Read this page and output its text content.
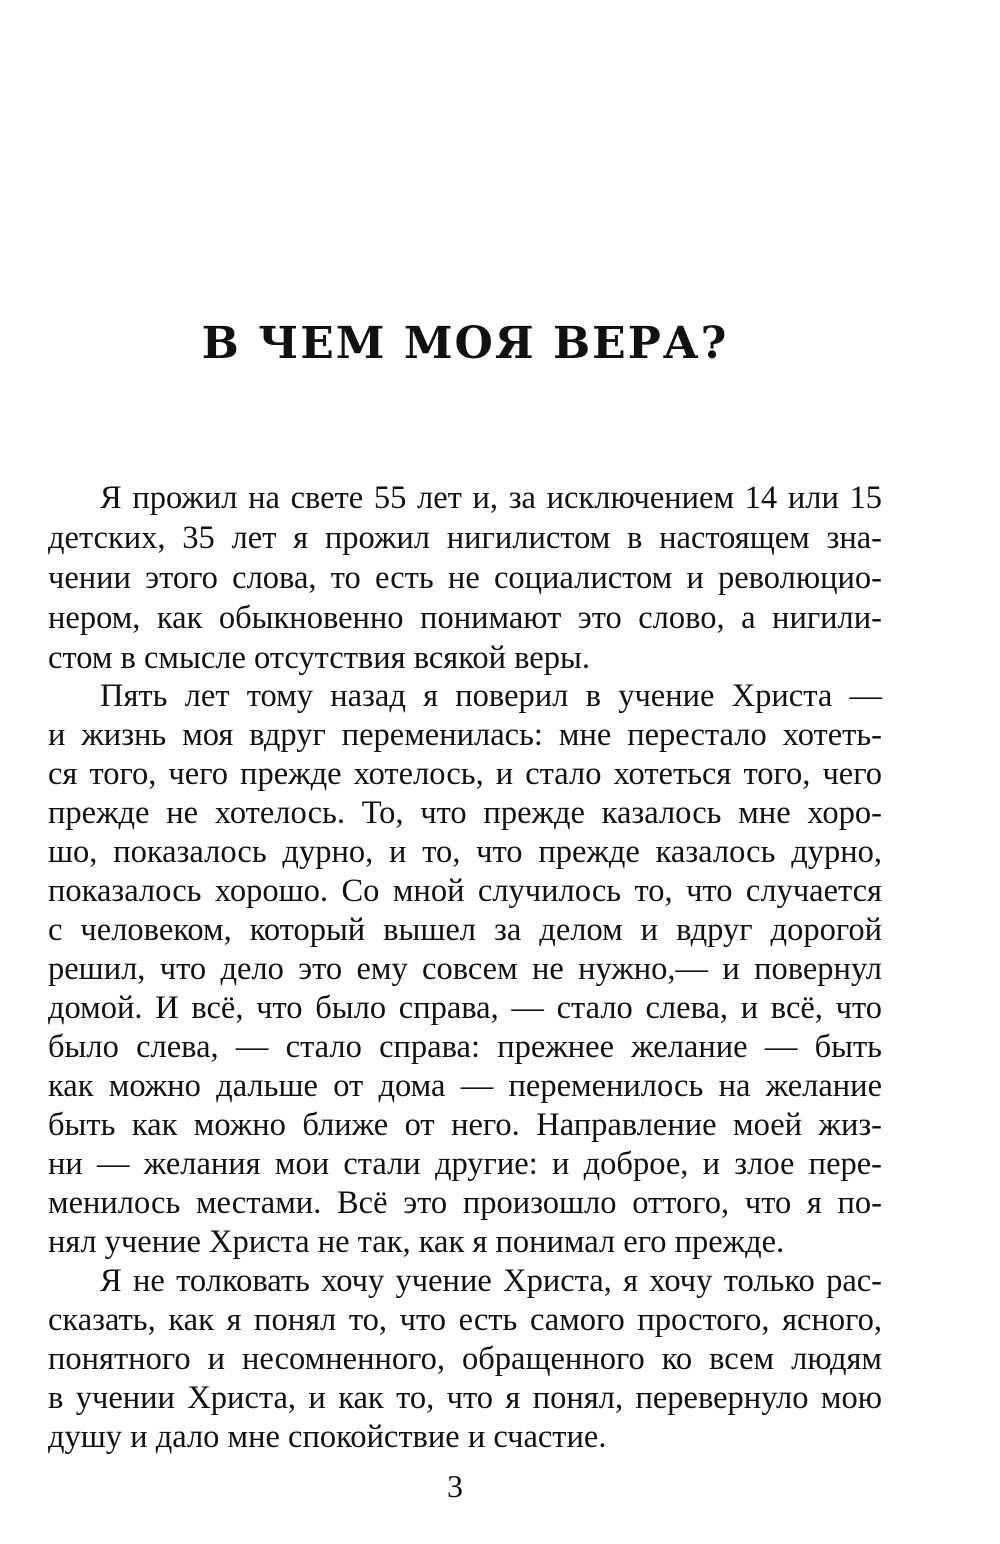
В ЧЕМ МОЯ ВЕРА?
Я прожил на свете 55 лет и, за исключением 14 или 15
детских, 35 лет я прожил нигилистом в настоящем зна-
чении этого слова, то есть не социалистом и революцио-
нером, как обыкновенно понимают это слово, а нигили-
стом в смысле отсутствия всякой веры.
Пять лет тому назад я поверил в учение Христа —
и жизнь моя вдруг переменилась: мне перестало хотеть-
ся того, чего прежде хотелось, и стало хотеться того, чего
прежде не хотелось. То, что прежде казалось мне хоро-
шо, показалось дурно, и то, что прежде казалось дурно,
показалось хорошо. Со мной случилось то, что случается
с человеком, который вышел за делом и вдруг дорогой
решил, что дело это ему совсем не нужно,— и повернул
домой. И всё, что было справа, — стало слева, и всё, что
было слева, — стало справа: прежнее желание — быть
как можно дальше от дома — переменилось на желание
быть как можно ближе от него. Направление моей жиз-
ни — желания мои стали другие: и доброе, и злое пере-
менилось местами. Всё это произошло оттого, что я по-
нял учение Христа не так, как я понимал его прежде.
Я не толковать хочу учение Христа, я хочу только рас-
сказать, как я понял то, что есть самого простого, ясного,
понятного и несомненного, обращенного ко всем людям
в учении Христа, и как то, что я понял, перевернуло мою
душу и дало мне спокойствие и счастие.
3
